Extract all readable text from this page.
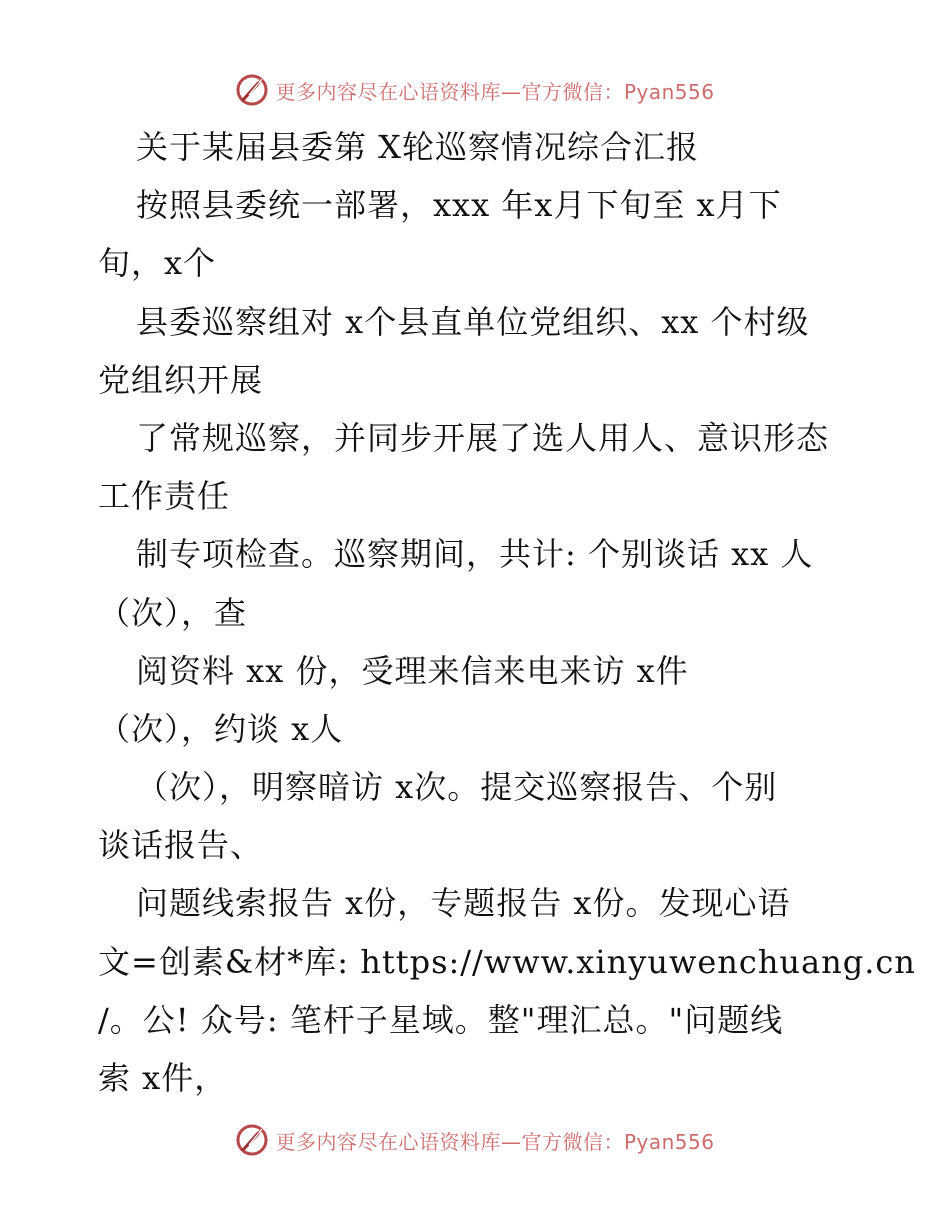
更多内容尽在心语资料库—官方微信：Pyan556
关于某届县委第 X轮巡察情况综合汇报
按照县委统一部署，xxx 年x月下旬至 x月下
旬，x个
县委巡察组对 x个县直单位党组织、xx 个村级
党组织开展
了常规巡察，并同步开展了选人用人、意识形态
工作责任
制专项检查。巡察期间，共计: 个别谈话 xx 人
（次），查
阅资料 xx 份，受理来信来电来访 x件
（次），约谈 x人
（次），明察暗访 x次。提交巡察报告、个别
谈话报告、
问题线索报告 x份，专题报告 x份。发现心语
文=创素&材*库: https://www.xinyuwenchuang.cn
/。公! 众号: 笔杆子星域。整"理汇总。"问题线
索 x件，
更多内容尽在心语资料库—官方微信：Pyan556
